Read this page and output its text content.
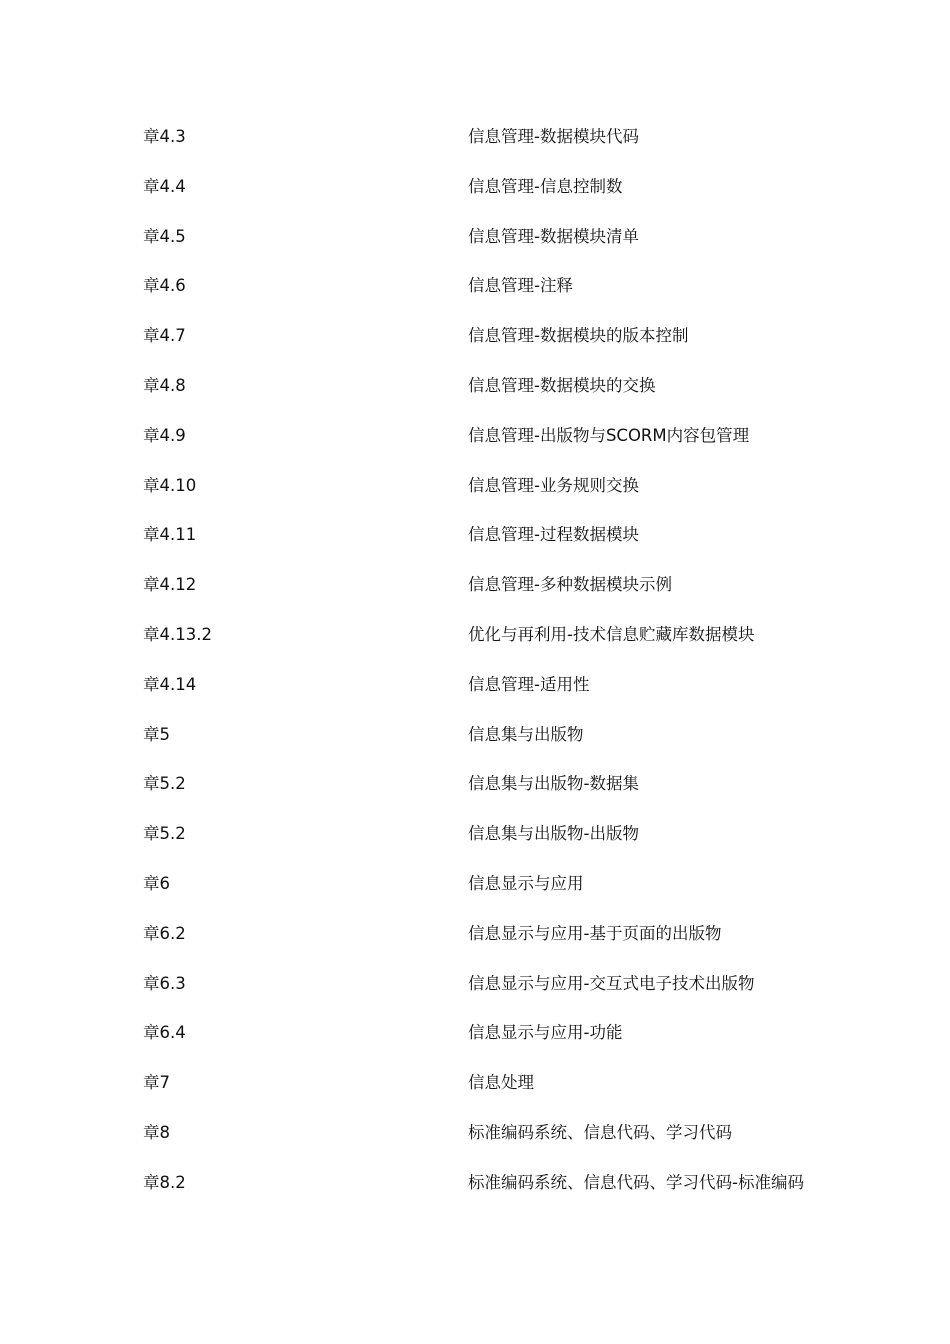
章4.3	信息管理-数据模块代码
章4.4	信息管理-信息控制数
章4.5	信息管理-数据模块清单
章4.6	信息管理-注释
章4.7	信息管理-数据模块的版本控制
章4.8	信息管理-数据模块的交换
章4.9	信息管理-出版物与SCORM内容包管理
章4.10	信息管理-业务规则交换
章4.11	信息管理-过程数据模块
章4.12	信息管理-多种数据模块示例
章4.13.2	优化与再利用-技术信息贮藏库数据模块
章4.14	信息管理-适用性
章5	信息集与出版物
章5.2	信息集与出版物-数据集
章5.2	信息集与出版物-出版物
章6	信息显示与应用
章6.2	信息显示与应用-基于页面的出版物
章6.3	信息显示与应用-交互式电子技术出版物
章6.4	信息显示与应用-功能
章7	信息处理
章8	标准编码系统、信息代码、学习代码
章8.2	标准编码系统、信息代码、学习代码-标准编码
